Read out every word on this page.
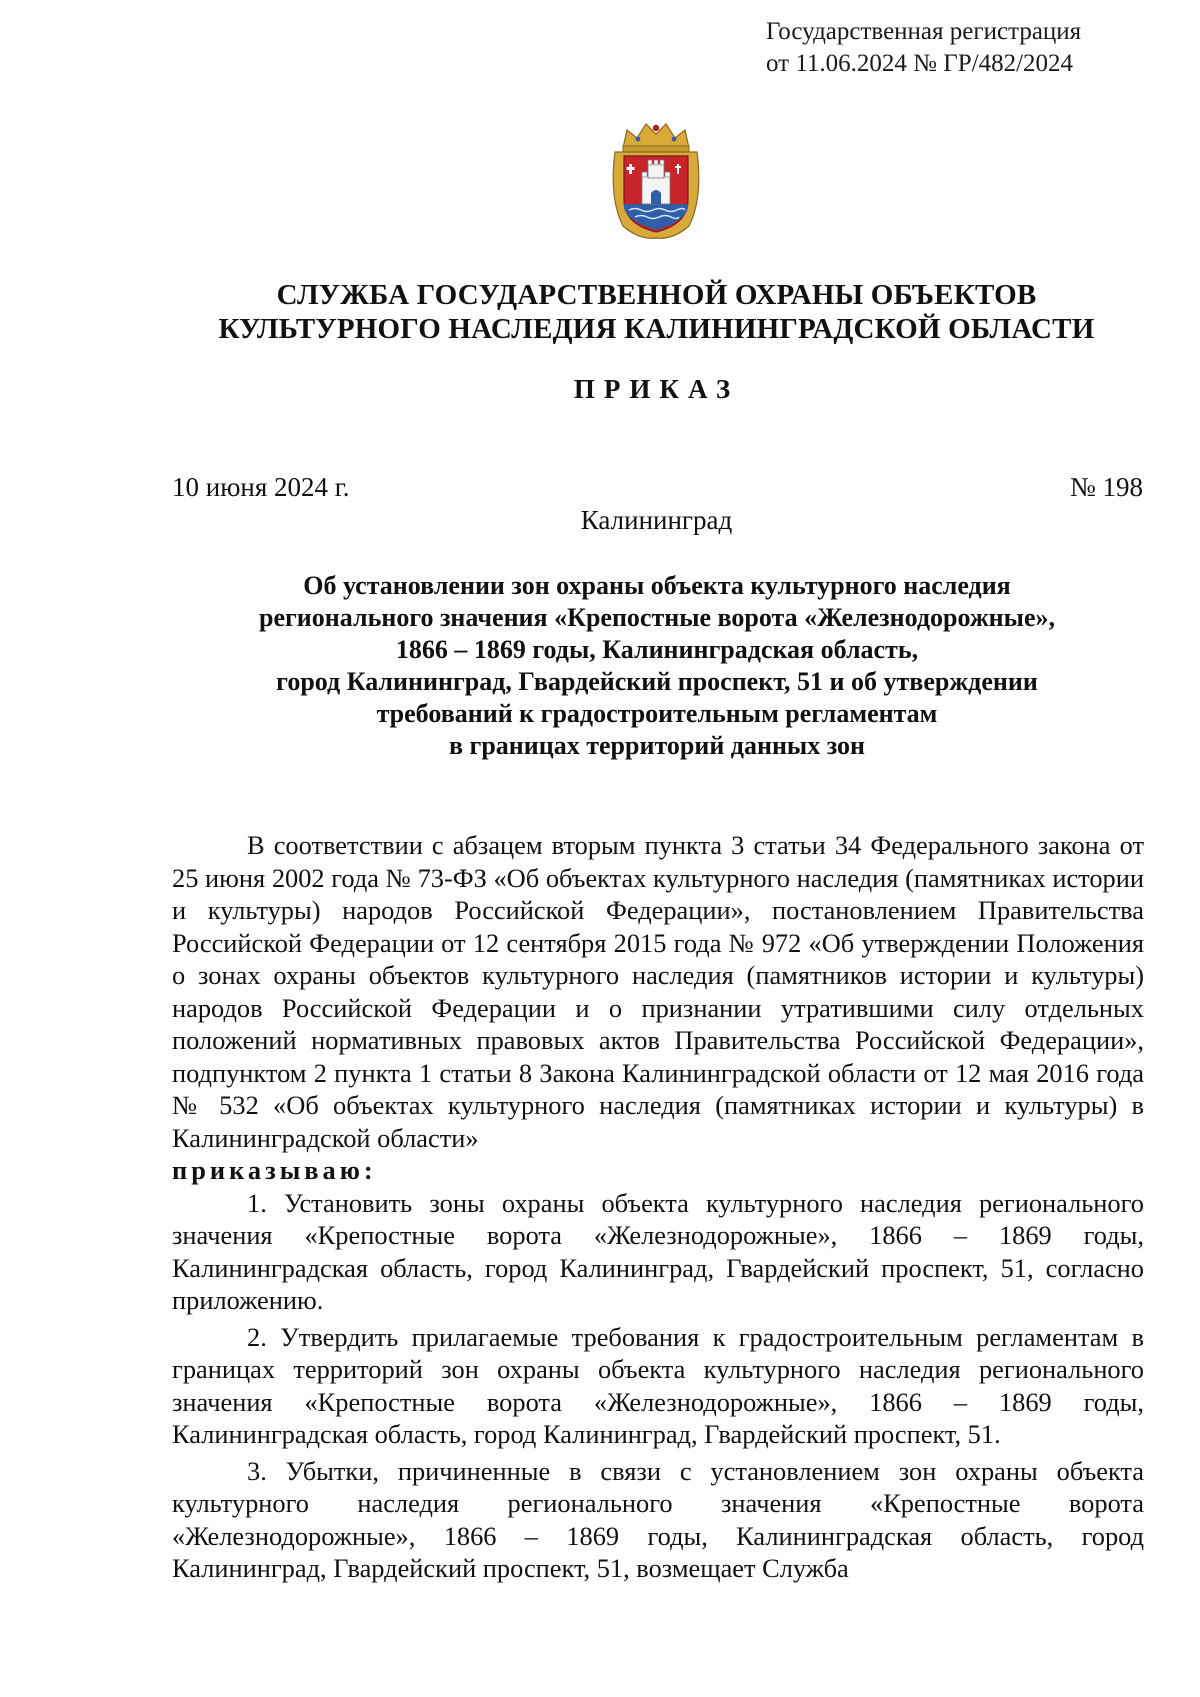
Государственная регистрация
от 11.06.2024 № ГР/482/2024
СЛУЖБА ГОСУДАРСТВЕННОЙ ОХРАНЫ ОБЪЕКТОВ
КУЛЬТУРНОГО НАСЛЕДИЯ КАЛИНИНГРАДСКОЙ ОБЛАСТИ
ПРИКАЗ
10 июня 2024 г.	№ 198
Калининград
Об установлении зон охраны объекта культурного наследия
регионального значения «Крепостные ворота «Железнодорожные»,
1866 – 1869 годы, Калининградская область,
город Калининград, Гвардейский проспект, 51 и об утверждении
требований к градостроительным регламентам
в границах территорий данных зон

В соответствии с абзацем вторым пункта 3 статьи 34 Федерального закона от 25 июня 2002 года № 73-ФЗ «Об объектах культурного наследия (памятниках истории и культуры) народов Российской Федерации», постановлением Правительства Российской Федерации от 12 сентября 2015 года № 972 «Об утверждении Положения о зонах охраны объектов культурного наследия (памятников истории и культуры) народов Российской Федерации и о признании утратившими силу отдельных положений нормативных правовых актов Правительства Российской Федерации», подпунктом 2 пункта 1 статьи 8 Закона Калининградской области от 12 мая 2016 года № 532 «Об объектах культурного наследия (памятниках истории и культуры) в Калининградской области»

приказываю:

1. Установить зоны охраны объекта культурного наследия регионального значения «Крепостные ворота «Железнодорожные», 1866 – 1869 годы, Калининградская область, город Калининград, Гвардейский проспект, 51, согласно приложению.

2. Утвердить прилагаемые требования к градостроительным регламентам в границах территорий зон охраны объекта культурного наследия регионального значения «Крепостные ворота «Железнодорожные», 1866 – 1869 годы, Калининградская область, город Калининград, Гвардейский проспект, 51.

3. Убытки, причиненные в связи с установлением зон охраны объекта культурного наследия регионального значения «Крепостные ворота «Железнодорожные», 1866 – 1869 годы, Калининградская область, город Калининград, Гвардейский проспект, 51, возмещает Служба
